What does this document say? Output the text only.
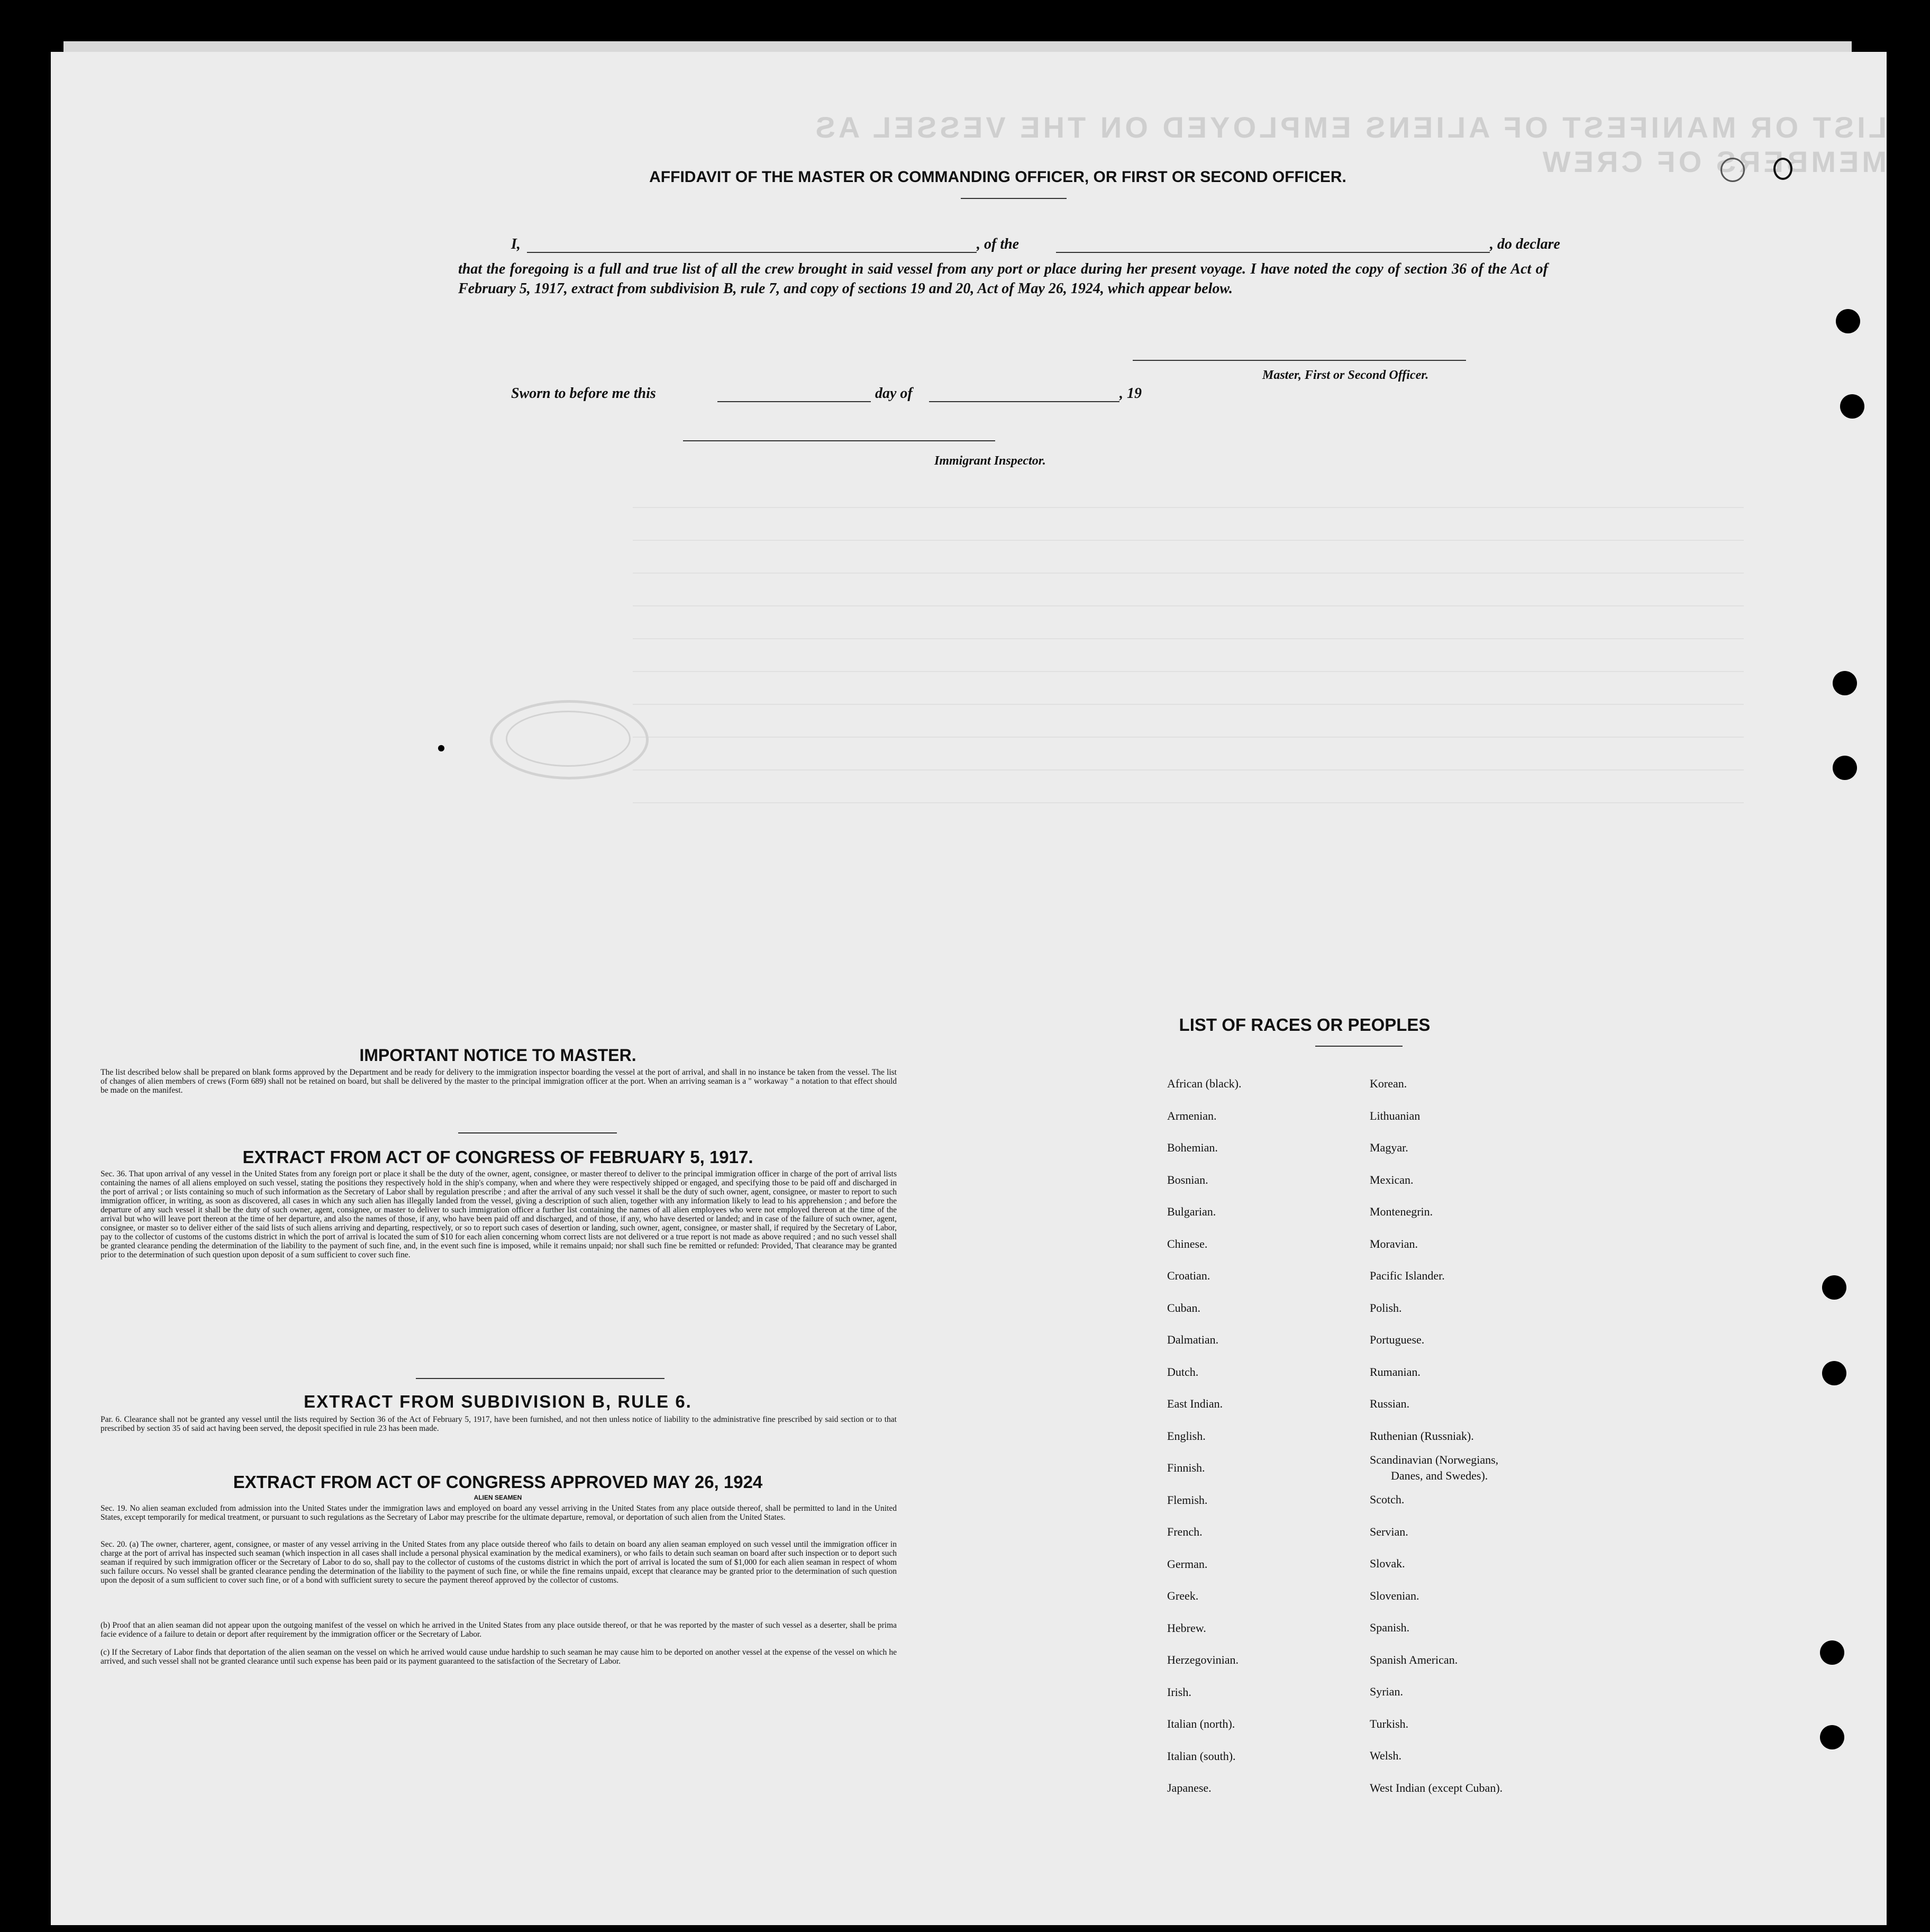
LIST OR MANIFEST OF ALIENS EMPLOYED ON THE VESSEL AS MEMBERS OF CREW
AFFIDAVIT OF THE MASTER OR COMMANDING OFFICER, OR FIRST OR SECOND OFFICER.
I,	, of the	, do declare
that the foregoing is a full and true list of all the crew brought in said vessel from any port or place during her present voyage. I have noted the copy of section 36 of the Act of February 5, 1917, extract from subdivision B, rule 7, and copy of sections 19 and 20, Act of May 26, 1924, which appear below.
Master, First or Second Officer.
Sworn to before me this	day of	, 19
Immigrant Inspector.
IMPORTANT NOTICE TO MASTER.
The list described below shall be prepared on blank forms approved by the Department and be ready for delivery to the immigration inspector boarding the vessel at the port of arrival, and shall in no instance be taken from the vessel. The list of changes of alien members of crews (Form 689) shall not be retained on board, but shall be delivered by the master to the principal immigration officer at the port. When an arriving seaman is a " workaway " a notation to that effect should be made on the manifest.
EXTRACT FROM ACT OF CONGRESS OF FEBRUARY 5, 1917.
Sec. 36. That upon arrival of any vessel in the United States from any foreign port or place it shall be the duty of the owner, agent, consignee, or master thereof to deliver to the principal immigration officer in charge of the port of arrival lists containing the names of all aliens employed on such vessel, stating the positions they respectively hold in the ship's company, when and where they were respectively shipped or engaged, and specifying those to be paid off and discharged in the port of arrival ; or lists containing so much of such information as the Secretary of Labor shall by regulation prescribe ; and after the arrival of any such vessel it shall be the duty of such owner, agent, consignee, or master to report to such immigration officer, in writing, as soon as discovered, all cases in which any such alien has illegally landed from the vessel, giving a description of such alien, together with any information likely to lead to his apprehension ; and before the departure of any such vessel it shall be the duty of such owner, agent, consignee, or master to deliver to such immigration officer a further list containing the names of all alien employees who were not employed thereon at the time of the arrival but who will leave port thereon at the time of her departure, and also the names of those, if any, who have been paid off and discharged, and of those, if any, who have deserted or landed; and in case of the failure of such owner, agent, consignee, or master so to deliver either of the said lists of such aliens arriving and departing, respectively, or so to report such cases of desertion or landing, such owner, agent, consignee, or master shall, if required by the Secretary of Labor, pay to the collector of customs of the customs district in which the port of arrival is located the sum of $10 for each alien concerning whom correct lists are not delivered or a true report is not made as above required ; and no such vessel shall be granted clearance pending the determination of the liability to the payment of such fine, and, in the event such fine is imposed, while it remains unpaid; nor shall such fine be remitted or refunded: Provided, That clearance may be granted prior to the determination of such question upon deposit of a sum sufficient to cover such fine.
EXTRACT FROM SUBDIVISION B, RULE 6.
Par. 6. Clearance shall not be granted any vessel until the lists required by Section 36 of the Act of February 5, 1917, have been furnished, and not then unless notice of liability to the administrative fine prescribed by said section or to that prescribed by section 35 of said act having been served, the deposit specified in rule 23 has been made.
EXTRACT FROM ACT OF CONGRESS APPROVED MAY 26, 1924
ALIEN SEAMEN
Sec. 19. No alien seaman excluded from admission into the United States under the immigration laws and employed on board any vessel arriving in the United States from any place outside thereof, shall be permitted to land in the United States, except temporarily for medical treatment, or pursuant to such regulations as the Secretary of Labor may prescribe for the ultimate departure, removal, or deportation of such alien from the United States.
Sec. 20. (a) The owner, charterer, agent, consignee, or master of any vessel arriving in the United States from any place outside thereof who fails to detain on board any alien seaman employed on such vessel until the immigration officer in charge at the port of arrival has inspected such seaman (which inspection in all cases shall include a personal physical examination by the medical examiners), or who fails to detain such seaman on board after such inspection or to deport such seaman if required by such immigration officer or the Secretary of Labor to do so, shall pay to the collector of customs of the customs district in which the port of arrival is located the sum of $1,000 for each alien seaman in respect of whom such failure occurs. No vessel shall be granted clearance pending the determination of the liability to the payment of such fine, or while the fine remains unpaid, except that clearance may be granted prior to the determination of such question upon the deposit of a sum sufficient to cover such fine, or of a bond with sufficient surety to secure the payment thereof approved by the collector of customs.
(b) Proof that an alien seaman did not appear upon the outgoing manifest of the vessel on which he arrived in the United States from any place outside thereof, or that he was reported by the master of such vessel as a deserter, shall be prima facie evidence of a failure to detain or deport after requirement by the immigration officer or the Secretary of Labor.
(c) If the Secretary of Labor finds that deportation of the alien seaman on the vessel on which he arrived would cause undue hardship to such seaman he may cause him to be deported on another vessel at the expense of the vessel on which he arrived, and such vessel shall not be granted clearance until such expense has been paid or its payment guaranteed to the satisfaction of the Secretary of Labor.
LIST OF RACES OR PEOPLES
African (black).
Armenian.
Bohemian.
Bosnian.
Bulgarian.
Chinese.
Croatian.
Cuban.
Dalmatian.
Dutch.
East Indian.
English.
Finnish.
Flemish.
French.
German.
Greek.
Hebrew.
Herzegovinian.
Irish.
Italian (north).
Italian (south).
Japanese.
Korean.
Lithuanian
Magyar.
Mexican.
Montenegrin.
Moravian.
Pacific Islander.
Polish.
Portuguese.
Rumanian.
Russian.
Ruthenian (Russniak).
Scandinavian (Norwegians,
Danes, and Swedes).
Scotch.
Servian.
Slovak.
Slovenian.
Spanish.
Spanish American.
Syrian.
Turkish.
Welsh.
West Indian (except Cuban).
